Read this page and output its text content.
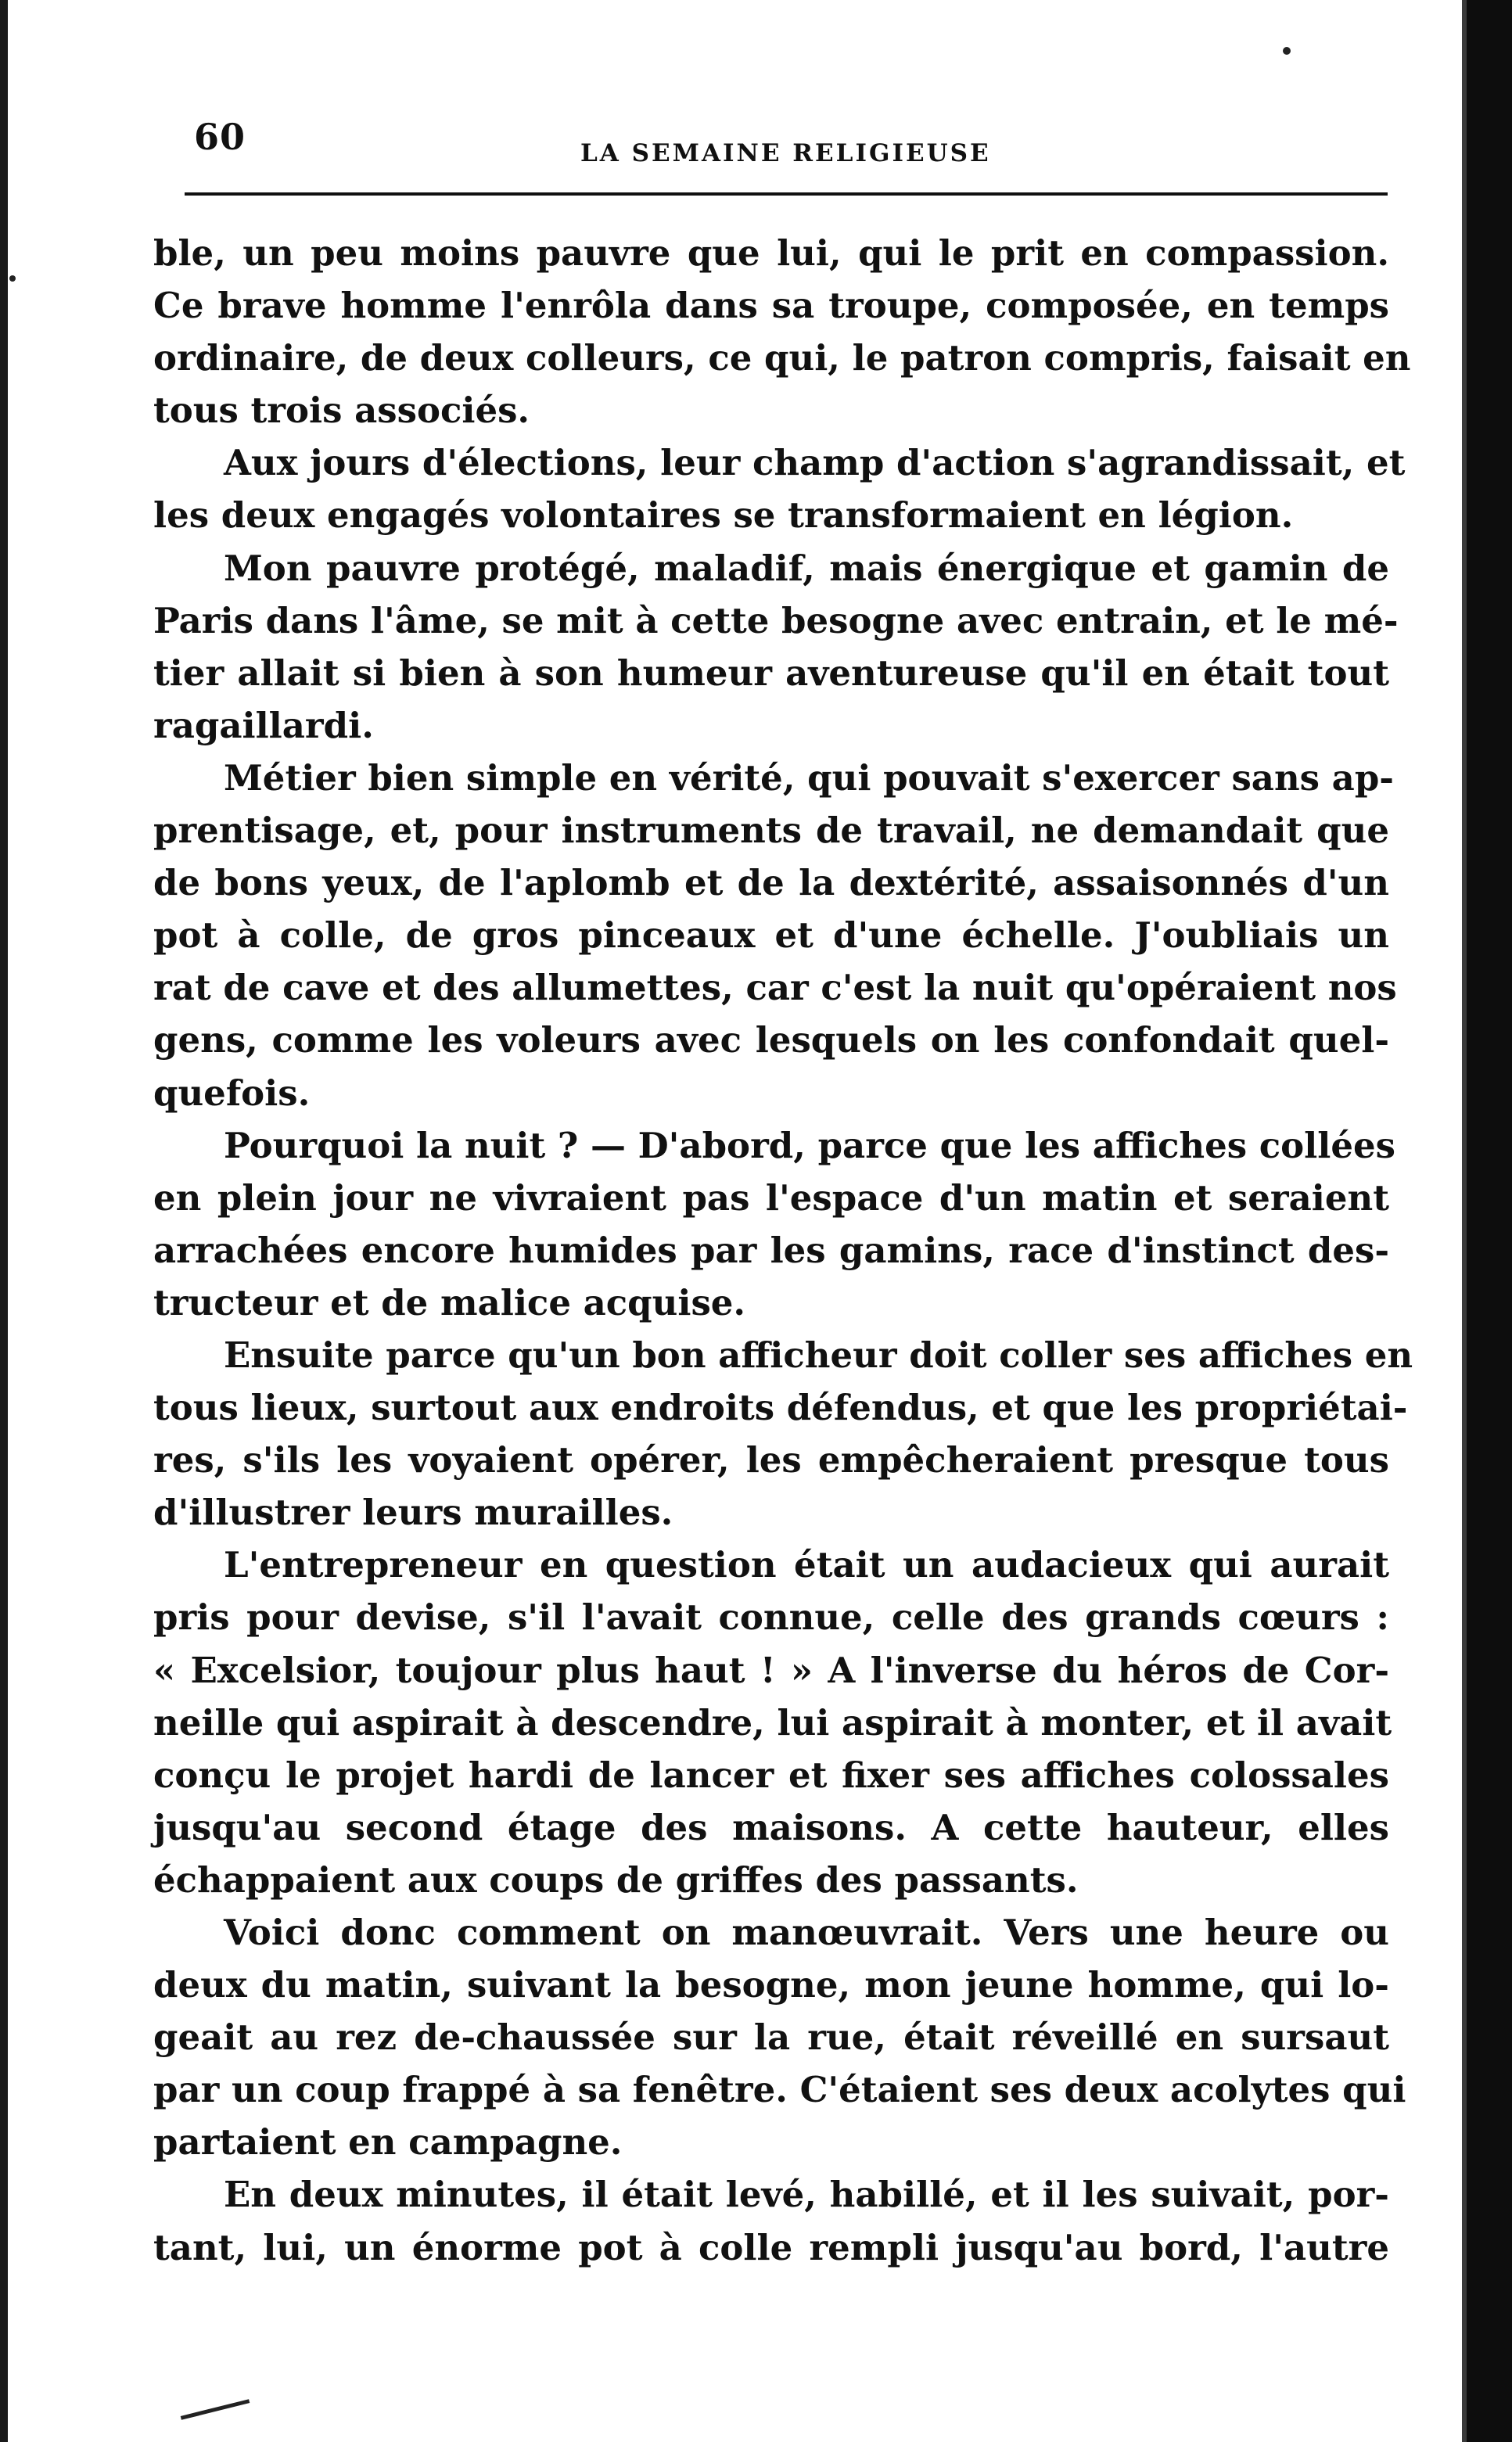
60	LA SEMAINE RELIGIEUSE
ble, un peu moins pauvre que lui, qui le prit en compassion.
Ce brave homme l'enrôla dans sa troupe, composée, en temps
ordinaire, de deux colleurs, ce qui, le patron compris, faisait en
tous trois associés.
Aux jours d'élections, leur champ d'action s'agrandissait, et
les deux engagés volontaires se transformaient en légion.
Mon pauvre protégé, maladif, mais énergique et gamin de
Paris dans l'âme, se mit à cette besogne avec entrain, et le mé-
tier allait si bien à son humeur aventureuse qu'il en était tout
ragaillardi.
Métier bien simple en vérité, qui pouvait s'exercer sans ap-
prentisage, et, pour instruments de travail, ne demandait que
de bons yeux, de l'aplomb et de la dextérité, assaisonnés d'un
pot à colle, de gros pinceaux et d'une échelle. J'oubliais un
rat de cave et des allumettes, car c'est la nuit qu'opéraient nos
gens, comme les voleurs avec lesquels on les confondait quel-
quefois.
Pourquoi la nuit ? — D'abord, parce que les affiches collées
en plein jour ne vivraient pas l'espace d'un matin et seraient
arrachées encore humides par les gamins, race d'instinct des-
tructeur et de malice acquise.
Ensuite parce qu'un bon afficheur doit coller ses affiches en
tous lieux, surtout aux endroits défendus, et que les propriétai-
res, s'ils les voyaient opérer, les empêcheraient presque tous
d'illustrer leurs murailles.
L'entrepreneur en question était un audacieux qui aurait
pris pour devise, s'il l'avait connue, celle des grands cœurs :
« Excelsior, toujour plus haut ! » A l'inverse du héros de Cor-
neille qui aspirait à descendre, lui aspirait à monter, et il avait
conçu le projet hardi de lancer et fixer ses affiches colossales
jusqu'au second étage des maisons. A cette hauteur, elles
échappaient aux coups de griffes des passants.
Voici donc comment on manœuvrait. Vers une heure ou
deux du matin, suivant la besogne, mon jeune homme, qui lo-
geait au rez de-chaussée sur la rue, était réveillé en sursaut
par un coup frappé à sa fenêtre. C'étaient ses deux acolytes qui
partaient en campagne.
En deux minutes, il était levé, habillé, et il les suivait, por-
tant, lui, un énorme pot à colle rempli jusqu'au bord, l'autre
